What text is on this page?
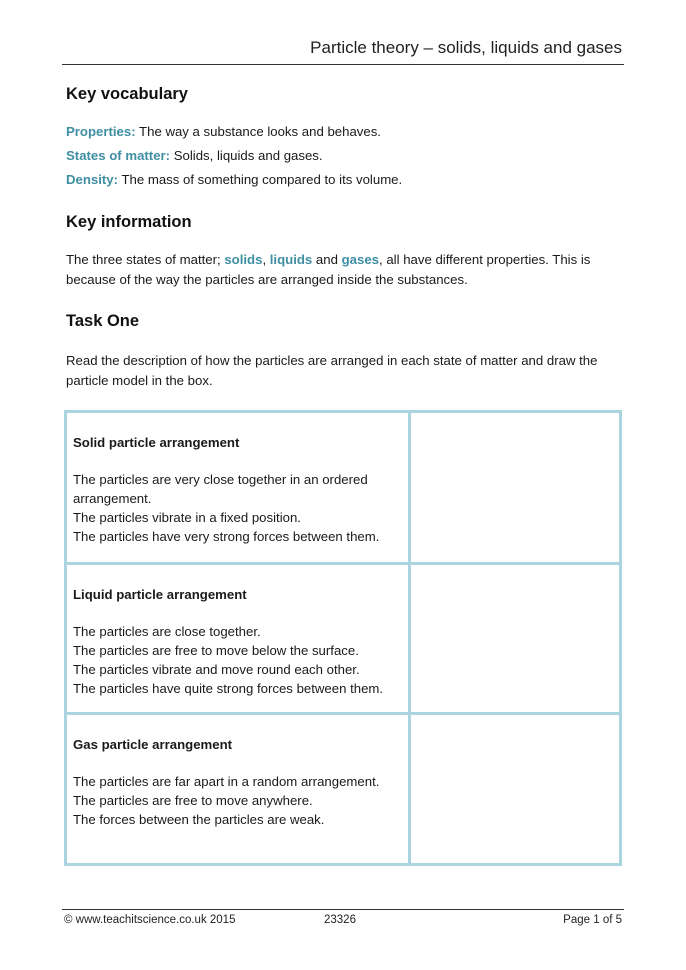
Particle theory – solids, liquids and gases
Key vocabulary
Properties: The way a substance looks and behaves.
States of matter: Solids, liquids and gases.
Density: The mass of something compared to its volume.
Key information
The three states of matter; solids, liquids and gases, all have different properties. This is because of the way the particles are arranged inside the substances.
Task One
Read the description of how the particles are arranged in each state of matter and draw the particle model in the box.
Solid particle arrangement
The particles are very close together in an ordered arrangement.
The particles vibrate in a fixed position.
The particles have very strong forces between them.
Liquid particle arrangement
The particles are close together.
The particles are free to move below the surface.
The particles vibrate and move round each other.
The particles have quite strong forces between them.
Gas particle arrangement
The particles are far apart in a random arrangement.
The particles are free to move anywhere.
The forces between the particles are weak.
© www.teachitscience.co.uk 2015	23326	Page 1 of 5
